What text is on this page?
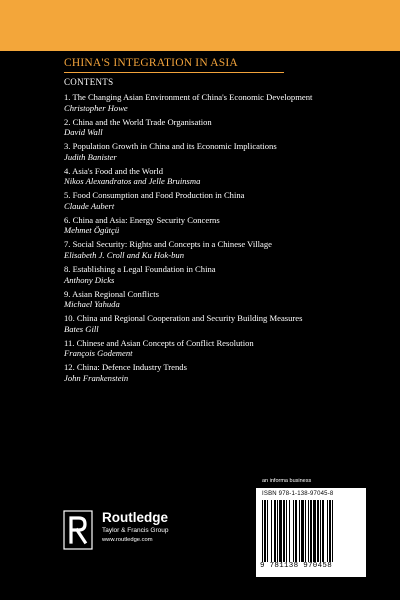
CHINA'S INTEGRATION IN ASIA
CONTENTS
1. The Changing Asian Environment of China's Economic Development
Christopher Howe
2. China and the World Trade Organisation
David Wall
3. Population Growth in China and its Economic Implications
Judith Banister
4. Asia's Food and the World
Nikos Alexandratos and Jelle Bruinsma
5. Food Consumption and Food Production in China
Claude Aubert
6. China and Asia: Energy Security Concerns
Mehmet Ögütçü
7. Social Security: Rights and Concepts in a Chinese Village
Elisabeth J. Croll and Ku Hok-bun
8. Establishing a Legal Foundation in China
Anthony Dicks
9. Asian Regional Conflicts
Michael Yahuda
10. China and Regional Cooperation and Security Building Measures
Bates Gill
11. Chinese and Asian Concepts of Conflict Resolution
François Godement
12. China: Defence Industry Trends
John Frankenstein
an informa business
ISBN 978-1-138-97045-8
9 781138 970458
Routledge
Taylor & Francis Group
www.routledge.com
